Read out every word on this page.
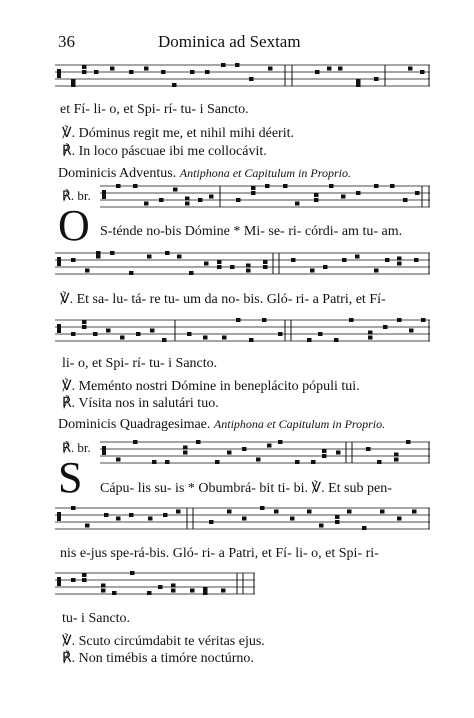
36	Dominica ad Sextam
et Fí- li- o, et Spi- rí- tu- i Sancto.
℣. Dóminus regit me, et nihil mihi déerit.
℟. In loco páscuae ibi me collocávit.
Dominicis Adventus. Antiphona et Capitulum in Proprio.
℟. br.
O S-ténde no-bis Dómine * Mi- se- ri- córdi- am tu- am.
℣. Et sa- lu- tá- re tu- um da no- bis. Gló- ri- a Patri, et Fí-
li- o, et Spi- rí- tu- i Sancto.
℣. Meménto nostri Dómine in beneplácito pópuli tui.
℟. Vísita nos in salutári tuo.
Dominicis Quadragesimae. Antiphona et Capitulum in Proprio.
℟. br.
S Cápu- lis su- is * Obumbrá- bit ti- bi. ℣. Et sub pen-
nis e-jus spe-rá-bis. Gló- ri- a Patri, et Fí- li- o, et Spi- ri-
tu- i Sancto.
℣. Scuto circúmdabit te véritas ejus.
℟. Non timébis a timóre noctúrno.
